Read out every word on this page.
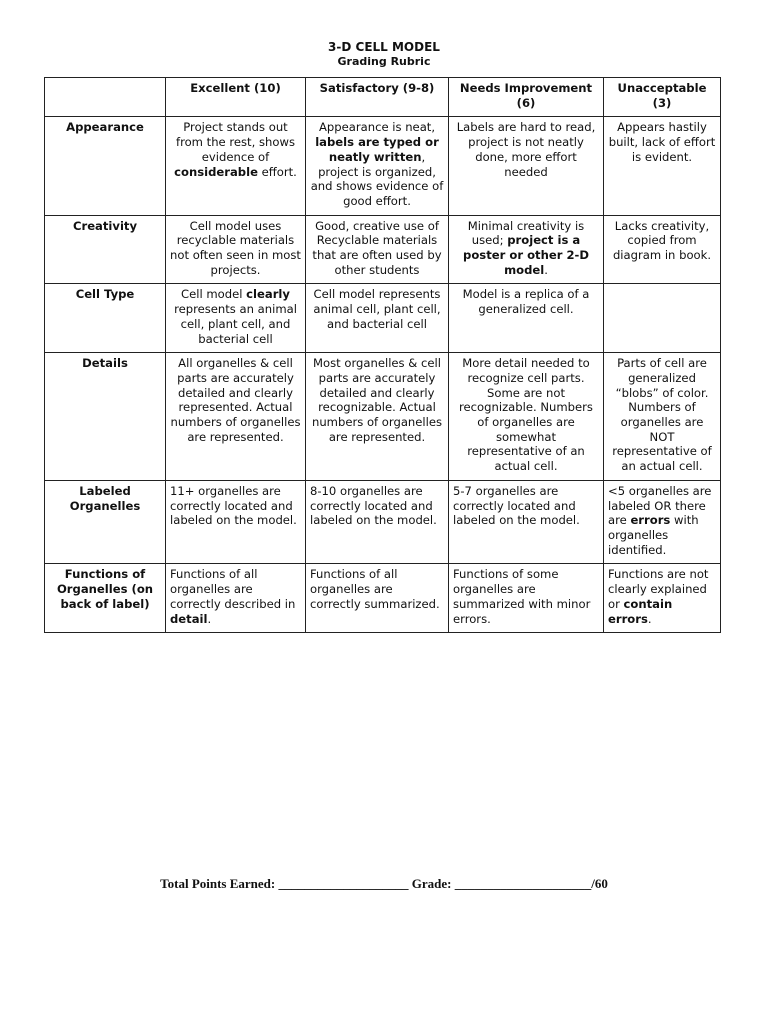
3-D CELL MODEL
Grading Rubric
	Excellent (10)	Satisfactory (9-8)	Needs Improvement (6)	Unacceptable (3)
Appearance	Project stands out from the rest, shows evidence of considerable effort.	Appearance is neat, labels are typed or neatly written, project is organized, and shows evidence of good effort.	Labels are hard to read, project is not neatly done, more effort needed	Appears hastily built, lack of effort is evident.
Creativity	Cell model uses recyclable materials not often seen in most projects.	Good, creative use of Recyclable materials that are often used by other students	Minimal creativity is used; project is a poster or other 2-D model.	Lacks creativity, copied from diagram in book.
Cell Type	Cell model clearly represents an animal cell, plant cell, and bacterial cell	Cell model represents animal cell, plant cell, and bacterial cell	Model is a replica of a generalized cell.	
Details	All organelles & cell parts are accurately detailed and clearly represented. Actual numbers of organelles are represented.	Most organelles & cell parts are accurately detailed and clearly recognizable. Actual numbers of organelles are represented.	More detail needed to recognize cell parts. Some are not recognizable. Numbers of organelles are somewhat representative of an actual cell.	Parts of cell are generalized “blobs” of color. Numbers of organelles are NOT representative of an actual cell.
Labeled Organelles	11+ organelles are correctly located and labeled on the model.	8-10 organelles are correctly located and labeled on the model.	5-7 organelles are correctly located and labeled on the model.	<5 organelles are labeled OR there are errors with organelles identified.
Functions of Organelles (on back of label)	Functions of all organelles are correctly described in detail.	Functions of all organelles are correctly summarized.	Functions of some organelles are summarized with minor errors.	Functions are not clearly explained or contain errors.
Total Points Earned: ____________________ Grade: _____________________/60
